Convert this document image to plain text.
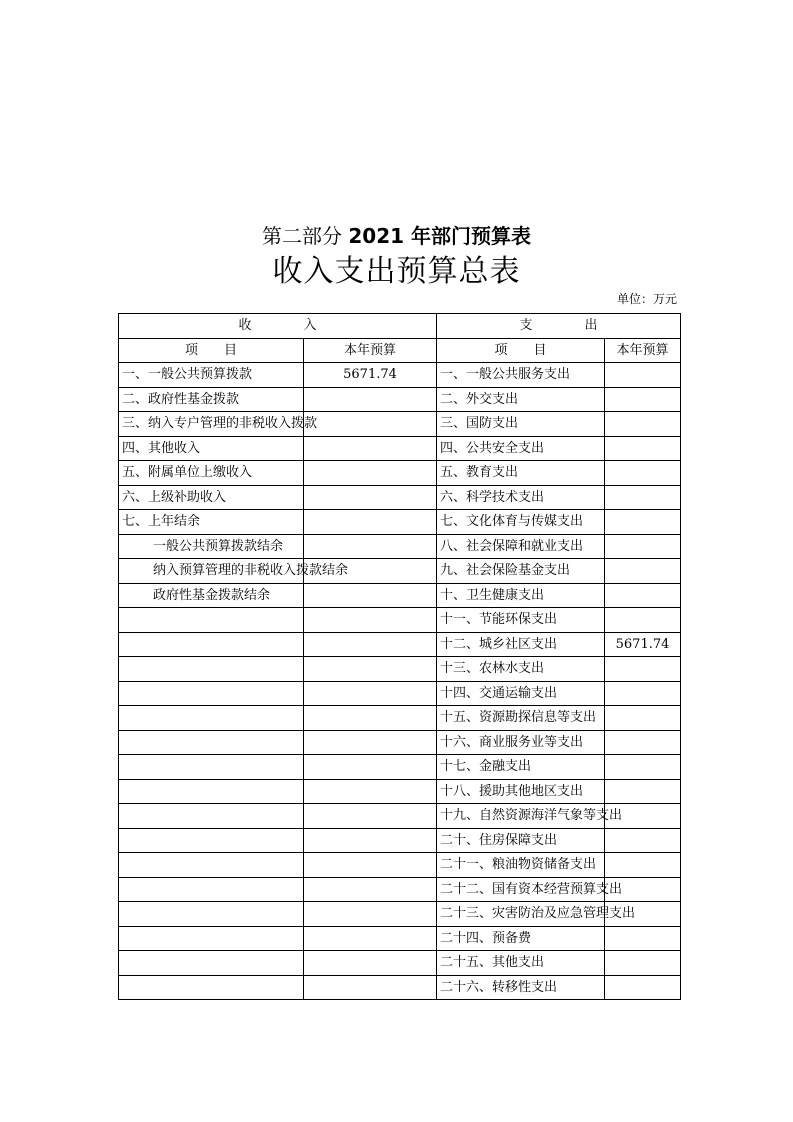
第二部分 2021 年部门预算表
收入支出预算总表
单位：万元
收　　　　入		支　　　　出	
项　　目	本年预算	项　　目	本年预算
一、一般公共预算拨款	5671.74	一、一般公共服务支出	
二、政府性基金拨款		二、外交支出	
三、纳入专户管理的非税收入拨款		三、国防支出	
四、其他收入		四、公共安全支出	
五、附属单位上缴收入		五、教育支出	
六、上级补助收入		六、科学技术支出	
七、上年结余		七、文化体育与传媒支出	
一般公共预算拨款结余		八、社会保障和就业支出	
纳入预算管理的非税收入拨款结余		九、社会保险基金支出	
政府性基金拨款结余		十、卫生健康支出	
		十一、节能环保支出	
		十二、城乡社区支出	5671.74
		十三、农林水支出	
		十四、交通运输支出	
		十五、资源勘探信息等支出	
		十六、商业服务业等支出	
		十七、金融支出	
		十八、援助其他地区支出	
		十九、自然资源海洋气象等支出	
		二十、住房保障支出	
		二十一、粮油物资储备支出	
		二十二、国有资本经营预算支出	
		二十三、灾害防治及应急管理支出	
		二十四、预备费	
		二十五、其他支出	
		二十六、转移性支出	
